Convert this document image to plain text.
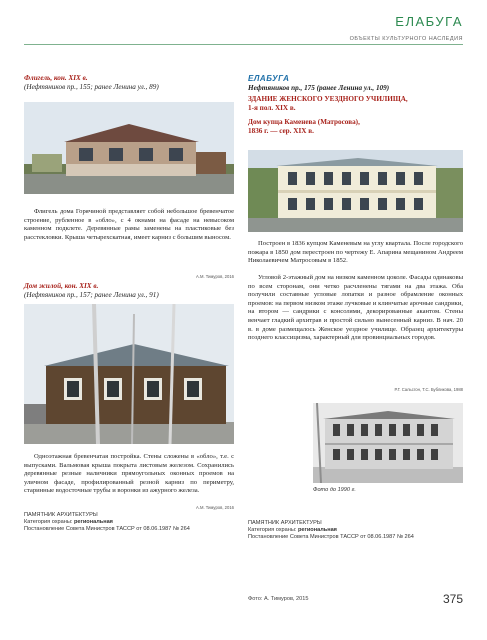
ЕЛАБУГА
ОБЪЕКТЫ КУЛЬТУРНОГО НАСЛЕДИЯ
Флигель, кон. XIX в.
(Нефтяников пр., 155; ранее Ленина ул., 89)
Флигель дома Горячиной представляет собой небольшое бревенчатое строение, рубленное в «обло», с 4 окнами на фасаде на невысоком каменном подклете. Деревянные рамы заменены на пластиковые без расстекловки. Крыша четырехскатная, имеет карниз с большим выносом.
А.М. Тимуров, 2016
Дом жилой, кон. XIX в.
(Нефтяников пр., 157; ранее Ленина ул., 91)
Одноэтажная бревенчатая постройка. Стены сложены в «обло», т.е. с выпусками. Вальмовая крыша покрыта листовым железом. Сохранились деревянные резные наличники прямоугольных оконных проемов на уличном фасаде, профилированный резной карниз по периметру, старинные водосточные трубы и воронки из ажурного железа.
А.М. Тимуров, 2016
ПАМЯТНИК АРХИТЕКТУРЫ
Категория охраны: региональная
Постановление Совета Министров ТАССР от 08.06.1987 № 264
ЕЛАБУГА
Нефтяников пр., 175 (ранее Ленина ул., 109)
ЗДАНИЕ ЖЕНСКОГО УЕЗДНОГО УЧИЛИЩА,
1-я пол. XIX в.
Дом купца Каменева (Матросова),
1836 г. — сер. XIX в.
Построен в 1836 купцом Каменевым на углу квартала. После городского пожара в 1850 дом перестроен по чертежу Е. Апарина мещанином Андреем Николаевичем Матросовым в 1852.
Угловой 2-этажный дом на низком каменном цоколе. Фасады одинаковы по всем сторонам, они четко расчленены тягами на два этажа. Оба получили составные угловые лопатки и разное обрамление оконных проемов: на первом низком этаже лучковые и клинчатые арочные сандрики, на втором — сандрики с консолями, декорированные акантом. Стены венчает гладкий архитрав и простой сильно вынесенный карниз. В нач. 20 в. в доме размещалось Женское уездное училище. Образец архитектуры позднего классицизма, характерный для провинциальных городов.
Р.Г. Сальсгон, Т.С. Бубликова, 1988
Фото до 1990 г.
ПАМЯТНИК АРХИТЕКТУРЫ
Категория охраны: региональная
Постановление Совета Министров ТАССР от 08.06.1987 № 264
Фото: А. Тимуров, 2015	375
